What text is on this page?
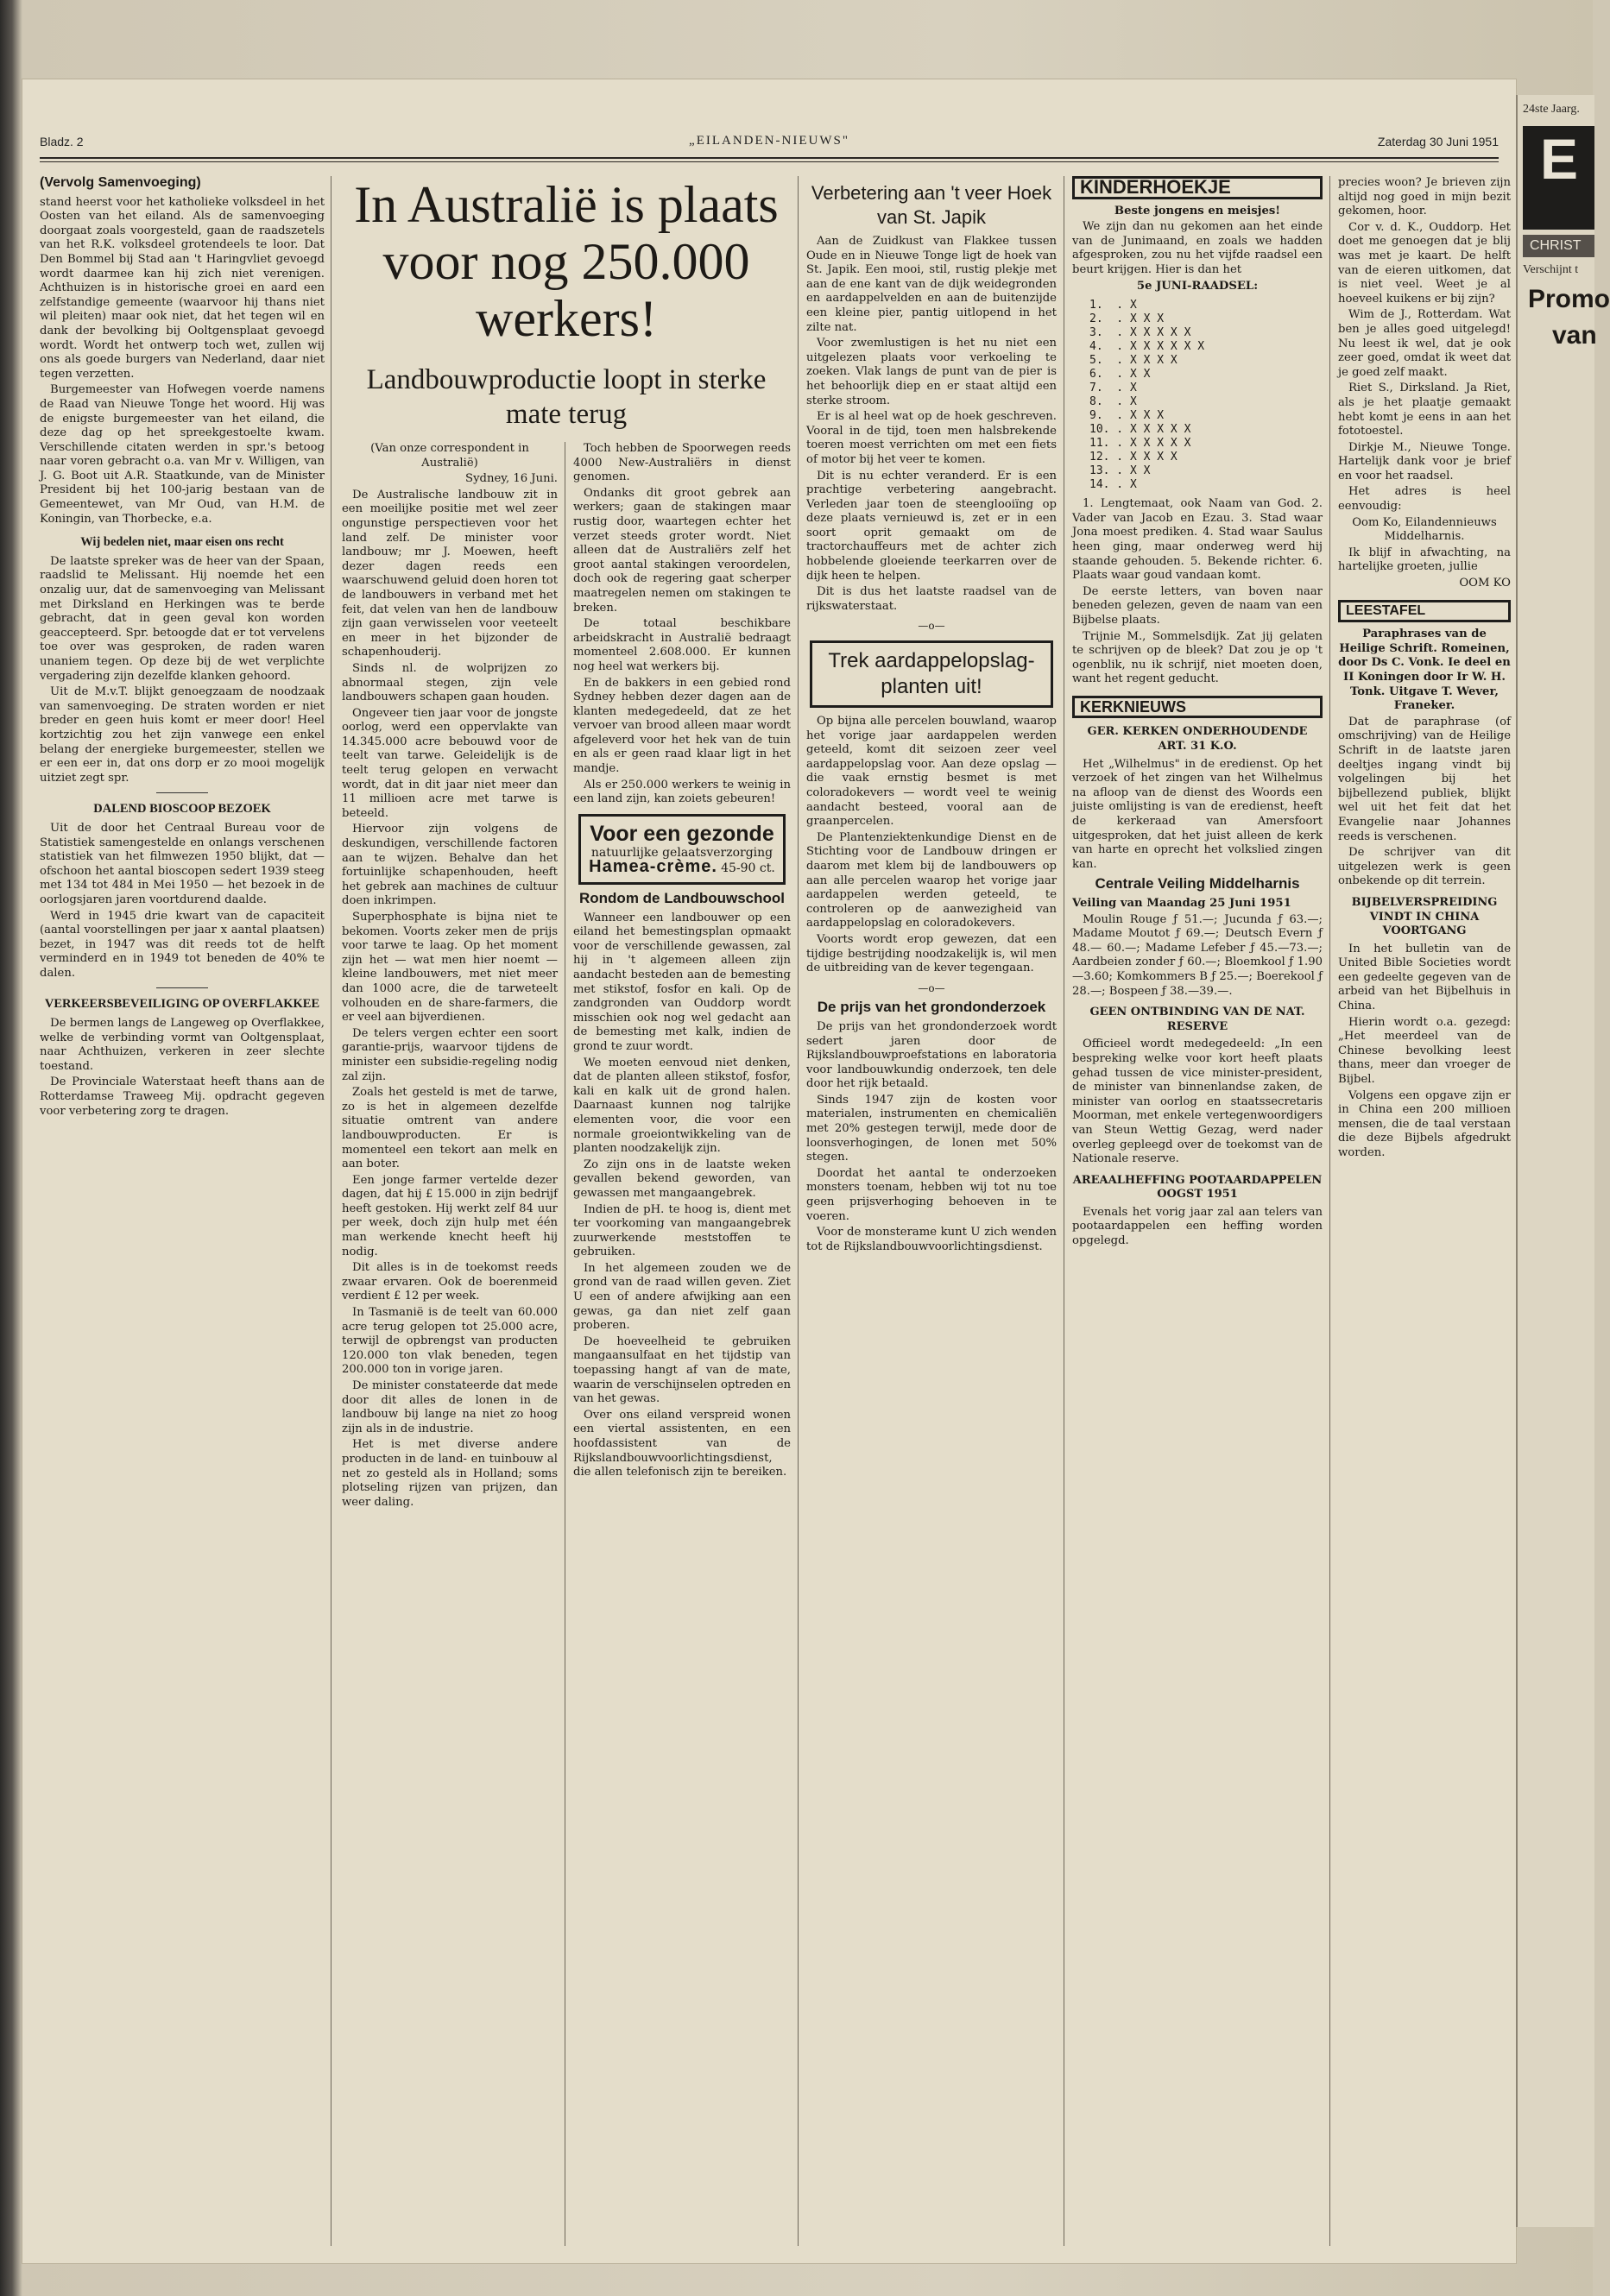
Bladz. 2	„EILANDEN-NIEUWS"	Zaterdag 30 Juni 1951
(Vervolg Samenvoeging)

stand heerst voor het katholieke volksdeel in het Oosten van het eiland. Als de samenvoeging doorgaat zoals voorgesteld, gaan de raadszetels van het R.K. volksdeel grotendeels te loor. Dat Den Bommel bij Stad aan 't Haringvliet gevoegd wordt daarmee kan hij zich niet verenigen. Achthuizen is in historische groei en aard een zelfstandige gemeente (waarvoor hij thans niet wil pleiten) maar ook niet, dat het tegen wil en dank der bevolking bij Ooltgensplaat gevoegd wordt. Wordt het ontwerp toch wet, zullen wij ons als goede burgers van Nederland, daar niet tegen verzetten.

Burgemeester van Hofwegen voerde namens de Raad van Nieuwe Tonge het woord. Hij was de enigste burgemeester van het eiland, die deze dag op het spreekgestoelte kwam. Verschillende citaten werden in spr.'s betoog naar voren gebracht o.a. van Mr v. Willigen, van J. G. Boot uit A.R. Staatkunde, van de Minister President bij het 100-jarig bestaan van de Gemeentewet, van Mr Oud, van H.M. de Koningin, van Thorbecke, e.a.

Wij bedelen niet, maar eisen ons recht

De laatste spreker was de heer van der Spaan, raadslid te Melissant. Hij noemde het een onzalig uur, dat de samenvoeging van Melissant met Dirksland en Herkingen was te berde gebracht, dat in geen geval kon worden geaccepteerd. Spr. betoogde dat er tot vervelens toe over was gesproken, de raden waren unaniem tegen. Op deze bij de wet verplichte vergadering zijn dezelfde klanken gehoord.

Uit de M.v.T. blijkt genoegzaam de noodzaak van samenvoeging. De straten worden er niet breder en geen huis komt er meer door! Heel kortzichtig zou het zijn vanwege een enkel belang der energieke burgemeester, stellen we er een eer in, dat ons dorp er zo mooi mogelijk uitziet zegt spr.

DALEND BIOSCOOP BEZOEK

Uit de door het Centraal Bureau voor de Statistiek samengestelde en onlangs verschenen statistiek van het filmwezen 1950 blijkt, dat — ofschoon het aantal bioscopen sedert 1939 steeg met 134 tot 484 in Mei 1950 — het bezoek in de oorlogsjaren jaren voortdurend daalde.

Werd in 1945 drie kwart van de capaciteit (aantal voorstellingen per jaar x aantal plaatsen) bezet, in 1947 was dit reeds tot de helft verminderd en in 1949 tot beneden de 40% te dalen.

VERKEERSBEVEILIGING OP OVERFLAKKEE

De bermen langs de Langeweg op Overflakkee, welke de verbinding vormt van Ooltgensplaat, naar Achthuizen, verkeren in zeer slechte toestand.

De Provinciale Waterstaat heeft thans aan de Rotterdamse Traweeg Mij. opdracht gegeven voor verbetering zorg te dragen.

In Australië is plaats voor nog 250.000 werkers!
Landbouwproductie loopt in sterke mate terug

(Van onze correspondent in Australië)

Sydney, 16 Juni.

De Australische landbouw zit in een moeilijke positie met wel zeer ongunstige perspectieven voor het land zelf. De minister voor landbouw; mr J. Moewen, heeft dezer dagen reeds een waarschuwend geluid doen horen tot de landbouwers in verband met het feit, dat velen van hen de landbouw zijn gaan verwisselen voor veeteelt en meer in het bijzonder de schapenhouderij.

Sinds nl. de wolprijzen zo abnormaal stegen, zijn vele landbouwers schapen gaan houden.

Ongeveer tien jaar voor de jongste oorlog, werd een oppervlakte van 14.345.000 acre bebouwd voor de teelt van tarwe. Geleidelijk is de teelt terug gelopen en verwacht wordt, dat in dit jaar niet meer dan 11 millioen acre met tarwe is beteeld.

Hiervoor zijn volgens de deskundigen, verschillende factoren aan te wijzen. Behalve dan het fortuinlijke schapenhouden, heeft het gebrek aan machines de cultuur doen inkrimpen.

Superphosphate is bijna niet te bekomen. Voorts zeker men de prijs voor tarwe te laag. Op het moment zijn het — wat men hier noemt — kleine landbouwers, met niet meer dan 1000 acre, die de tarweteelt volhouden en de share-farmers, die er veel aan bijverdienen.

De telers vergen echter een soort garantie-prijs, waarvoor tijdens de minister een subsidie-regeling nodig zal zijn.

Zoals het gesteld is met de tarwe, zo is het in algemeen dezelfde situatie omtrent van andere landbouwproducten. Er is momenteel een tekort aan melk en aan boter.

Een jonge farmer vertelde dezer dagen, dat hij £ 15.000 in zijn bedrijf heeft gestoken. Hij werkt zelf 84 uur per week, doch zijn hulp met één man werkende knecht heeft hij nodig.

Dit alles is in de toekomst reeds zwaar ervaren. Ook de boerenmeid verdient £ 12 per week.

In Tasmanië is de teelt van 60.000 acre terug gelopen tot 25.000 acre, terwijl de opbrengst van producten 120.000 ton vlak beneden, tegen 200.000 ton in vorige jaren.

De minister constateerde dat mede door dit alles de lonen in de landbouw bij lange na niet zo hoog zijn als in de industrie.

Het is met diverse andere producten in de land- en tuinbouw al net zo gesteld als in Holland; soms plotseling rijzen van prijzen, dan weer daling.

Toch hebben de Spoorwegen reeds 4000 New-Australiërs in dienst genomen.

Ondanks dit groot gebrek aan werkers; gaan de stakingen maar rustig door, waartegen echter het verzet steeds groter wordt. Niet alleen dat de Australiërs zelf het groot aantal stakingen veroordelen, doch ook de regering gaat scherper maatregelen nemen om stakingen te breken.

De totaal beschikbare arbeidskracht in Australië bedraagt momenteel 2.608.000. Er kunnen nog heel wat werkers bij.

En de bakkers in een gebied rond Sydney hebben dezer dagen aan de klanten medegedeeld, dat ze het vervoer van brood alleen maar wordt afgeleverd voor het hek van de tuin en als er geen raad klaar ligt in het mandje.

Als er 250.000 werkers te weinig in een land zijn, kan zoiets gebeuren!

Voor een gezonde
natuurlijke gelaatsverzorging
Hamea-crème. 45-90 ct.
Rondom de Landbouwschool

Wanneer een landbouwer op een eiland het bemestingsplan opmaakt voor de verschillende gewassen, zal hij in 't algemeen alleen zijn aandacht besteden aan de bemesting met stikstof, fosfor en kali. Op de zandgronden van Ouddorp wordt misschien ook nog wel gedacht aan de bemesting met kalk, indien de grond te zuur wordt.

We moeten eenvoud niet denken, dat de planten alleen stikstof, fosfor, kali en kalk uit de grond halen. Daarnaast kunnen nog talrijke elementen voor, die voor een normale groeiontwikkeling van de planten noodzakelijk zijn.

Zo zijn ons in de laatste weken gevallen bekend geworden, van gewassen met mangaangebrek.

Indien de pH. te hoog is, dient met ter voorkoming van mangaangebrek zuurwerkende meststoffen te gebruiken.

In het algemeen zouden we de grond van de raad willen geven. Ziet U een of andere afwijking aan een gewas, ga dan niet zelf gaan proberen.

De hoeveelheid te gebruiken mangaansulfaat en het tijdstip van toepassing hangt af van de mate, waarin de verschijnselen optreden en van het gewas.

Over ons eiland verspreid wonen een viertal assistenten, en een hoofdassistent van de Rijkslandbouwvoorlichtingsdienst, die allen telefonisch zijn te bereiken.

Verbetering aan 't veer Hoek van St. Japik

Aan de Zuidkust van Flakkee tussen Oude en in Nieuwe Tonge ligt de hoek van St. Japik. Een mooi, stil, rustig plekje met aan de ene kant van de dijk weidegronden en aardappelvelden en aan de buitenzijde een kleine pier, pantig uitlopend in het zilte nat.

Voor zwemlustigen is het nu niet een uitgelezen plaats voor verkoeling te zoeken. Vlak langs de punt van de pier is het behoorlijk diep en er staat altijd een sterke stroom.

Er is al heel wat op de hoek geschreven. Vooral in de tijd, toen men halsbrekende toeren moest verrichten om met een fiets of motor bij het veer te komen.

Dit is nu echter veranderd. Er is een prachtige verbetering aangebracht. Verleden jaar toen de steenglooiïng op deze plaats vernieuwd is, zet er in een soort oprit gemaakt om de tractorchauffeurs met de achter zich hobbelende gloeiende teerkarren over de dijk heen te helpen.

Dit is dus het laatste raadsel van de rijkswaterstaat.

—o—
Trek aardappelopslag-planten uit!

Op bijna alle percelen bouwland, waarop het vorige jaar aardappelen werden geteeld, komt dit seizoen zeer veel aardappelopslag voor. Aan deze opslag — die vaak ernstig besmet is met coloradokevers — wordt veel te weinig aandacht besteed, vooral aan de graanpercelen.

De Plantenziektenkundige Dienst en de Stichting voor de Landbouw dringen er daarom met klem bij de landbouwers op aan alle percelen waarop het vorige jaar aardappelen werden geteeld, te controleren op de aanwezigheid van aardappelopslag en coloradokevers.

Voorts wordt erop gewezen, dat een tijdige bestrijding noodzakelijk is, wil men de uitbreiding van de kever tegengaan.

—o—
De prijs van het grondonderzoek

De prijs van het grondonderzoek wordt sedert jaren door de Rijkslandbouwproefstations en laboratoria voor landbouwkundig onderzoek, ten dele door het rijk betaald.

Sinds 1947 zijn de kosten voor materialen, instrumenten en chemicaliën met 20% gestegen terwijl, mede door de loonsverhogingen, de lonen met 50% stegen.

Doordat het aantal te onderzoeken monsters toenam, hebben wij tot nu toe geen prijsverhoging behoeven in te voeren.

Voor de monsterame kunt U zich wenden tot de Rijkslandbouwvoorlichtingsdienst.

KINDERHOEKJE

Beste jongens en meisjes!

We zijn dan nu gekomen aan het einde van de Junimaand, en zoals we hadden afgesproken, zou nu het vijfde raadsel een beurt krijgen. Hier is dan het

5e JUNI-RAADSEL:

1.  . X
2.  . X X X
3.  . X X X X X
4.  . X X X X X X
5.  . X X X X
6.  . X X
7.  . X
8.  . X
9.  . X X X
10. . X X X X X
11. . X X X X X
12. . X X X X
13. . X X
14. . X

1. Lengtemaat, ook Naam van God. 2. Vader van Jacob en Ezau. 3. Stad waar Jona moest prediken. 4. Stad waar Saulus heen ging, maar onderweg werd hij staande gehouden. 5. Bekende richter. 6. Plaats waar goud vandaan komt.

De eerste letters, van boven naar beneden gelezen, geven de naam van een Bijbelse plaats.

Trijnie M., Sommelsdijk. Zat jij gelaten te schrijven op de bleek? Dat zou je op 't ogenblik, nu ik schrijf, niet moeten doen, want het regent geducht.

KERKNIEUWS
GER. KERKEN ONDERHOUDENDE ART. 31 K.O.

Het „Wilhelmus" in de eredienst. Op het verzoek of het zingen van het Wilhelmus na afloop van de dienst des Woords een juiste omlijsting is van de eredienst, heeft de kerkeraad van Amersfoort uitgesproken, dat het juist alleen de kerk van harte en oprecht het volkslied zingen kan.

Centrale Veiling Middelharnis

Veiling van Maandag 25 Juni 1951

Moulin Rouge ƒ 51.—; Jucunda ƒ 63.—; Madame Moutot ƒ 69.—; Deutsch Evern ƒ 48.— 60.—; Madame Lefeber ƒ 45.—73.—; Aardbeien zonder ƒ 60.—; Bloemkool ƒ 1.90—3.60; Komkommers B ƒ 25.—; Boerekool ƒ 28.—; Bospeen ƒ 38.—39.—.

GEEN ONTBINDING VAN DE NAT. RESERVE

Officieel wordt medegedeeld: „In een bespreking welke voor kort heeft plaats gehad tussen de vice minister-president, de minister van binnenlandse zaken, de minister van oorlog en staatssecretaris Moorman, met enkele vertegenwoordigers van Steun Wettig Gezag, werd nader overleg gepleegd over de toekomst van de Nationale reserve.

AREAALHEFFING POOTAARDAPPELEN OOGST 1951

Evenals het vorig jaar zal aan telers van pootaardappelen een heffing worden opgelegd.

precies woon? Je brieven zijn altijd nog goed in mijn bezit gekomen, hoor.

Cor v. d. K., Ouddorp. Het doet me genoegen dat je blij was met je kaart. De helft van de eieren uitkomen, dat is niet veel. Weet je al hoeveel kuikens er bij zijn?

Wim de J., Rotterdam. Wat ben je alles goed uitgelegd! Nu leest ik wel, dat je ook zeer goed, omdat ik weet dat je goed zelf maakt.

Riet S., Dirksland. Ja Riet, als je het plaatje gemaakt hebt komt je eens in aan het fototoestel.

Dirkje M., Nieuwe Tonge. Hartelijk dank voor je brief en voor het raadsel.

Het adres is heel eenvoudig:

Oom Ko, Eilandennieuws Middelharnis.

Ik blijf in afwachting, na hartelijke groeten, jullie

OOM KO

LEESTAFEL

Paraphrases van de Heilige Schrift. Romeinen, door Ds C. Vonk. Ie deel en II Koningen door Ir W. H. Tonk. Uitgave T. Wever, Franeker.

Dat de paraphrase (of omschrijving) van de Heilige Schrift in de laatste jaren deeltjes ingang vindt bij volgelingen bij het bijbellezend publiek, blijkt wel uit het feit dat het Evangelie naar Johannes reeds is verschenen.

De schrijver van dit uitgelezen werk is geen onbekende op dit terrein.

BIJBELVERSPREIDING VINDT IN CHINA VOORTGANG

In het bulletin van de United Bible Societies wordt een gedeelte gegeven van de arbeid van het Bijbelhuis in China.

Hierin wordt o.a. gezegd: „Het meerdeel van de Chinese bevolking leest thans, meer dan vroeger de Bijbel.

Volgens een opgave zijn er in China een 200 millioen mensen, die de taal verstaan die deze Bijbels afgedrukt worden.

24ste Jaarg.
E
CHRIST
Verschijnt t
Promo
van
